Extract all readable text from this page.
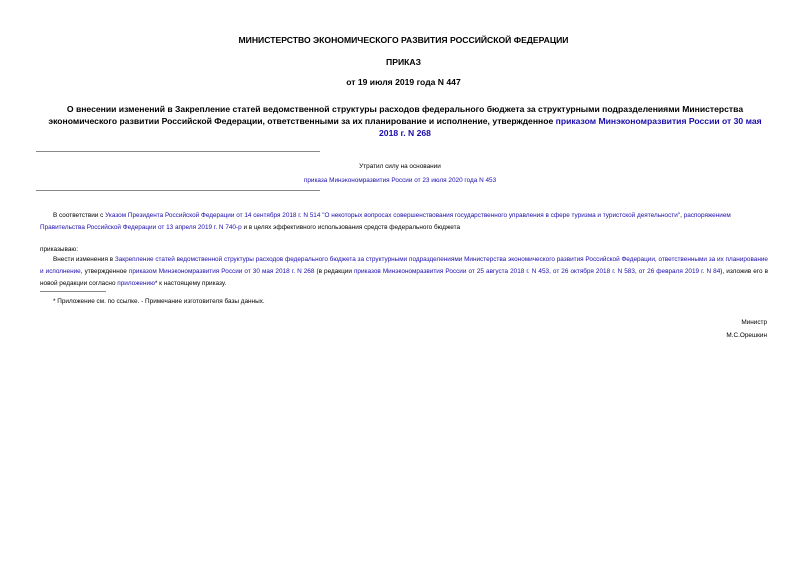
МИНИСТЕРСТВО ЭКОНОМИЧЕСКОГО РАЗВИТИЯ РОССИЙСКОЙ ФЕДЕРАЦИИ
ПРИКАЗ
от 19 июля 2019 года N 447
О внесении изменений в Закрепление статей ведомственной структуры расходов федерального бюджета за структурными подразделениями Министерства экономического развитии Российской Федерации, ответственными за их планирование и исполнение, утвержденное приказом Минэкономразвития России от 30 мая 2018 г. N 268
Утратил силу на основании
приказа Минэкономразвития России от 23 июля 2020 года N 453
В соответствии с Указом Президента Российской Федерации от 14 сентября 2018 г. N 514 "О некоторых вопросах совершенствования государственного управления в сфере туризма и туристской деятельности", распоряжением Правительства Российской Федерации от 13 апреля 2019 г. N 740-р и в целях эффективного использования средств федерального бюджета
приказываю:
Внести изменения в Закрепление статей ведомственной структуры расходов федерального бюджета за структурными подразделениями Министерства экономического развития Российской Федерации, ответственными за их планирование и исполнение, утвержденное приказом Минэкономразвития России от 30 мая 2018 г. N 268 (в редакции приказов Минэкономразвития России от 25 августа 2018 г. N 453, от 26 октября 2018 г. N 583, от 26 февраля 2019 г. N 84), изложив его в новой редакции согласно приложению* к настоящему приказу.
* Приложение см. по ссылке. - Примечание изготовителя базы данных.
Министр
М.С.Орешкин
